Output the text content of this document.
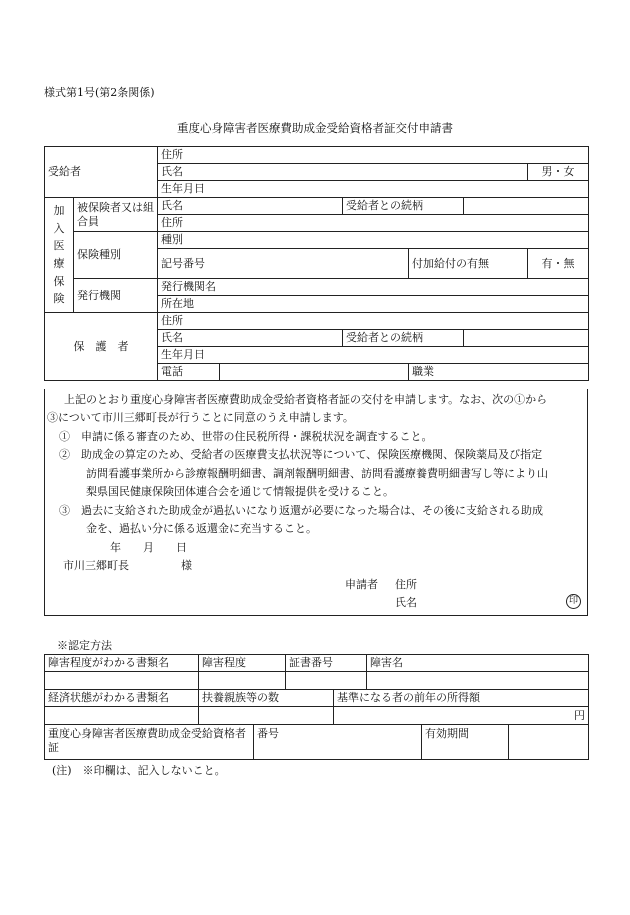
様式第1号(第2条関係)
重度心身障害者医療費助成金受給資格者証交付申請書
受給者		住所					
		氏名					男・女
		生年月日					
加入医療保険	被保険者又は組合員	氏名		受給者との続柄			
		住所					
	保険種別	種別					
		記号番号			付加給付の有無		有・無
	発行機関	発行機関名					
		所在地					
保　護　者		住所					
		氏名		受給者との続柄			
		生年月日					
		電話			職業		
上記のとおり重度心身障害者医療費助成金受給者資格者証の交付を申請します。なお、次の①から
③について市川三郷町長が行うことに同意のうえ申請します。
①　申請に係る審査のため、世帯の住民税所得・課税状況を調査すること。
②　助成金の算定のため、受給者の医療費支払状況等について、保険医療機関、保険薬局及び指定
訪問看護事業所から診療報酬明細書、調剤報酬明細書、訪問看護療養費明細書写し等により山
梨県国民健康保険団体連合会を通じて情報提供を受けること。
③　過去に支給された助成金が過払いになり返還が必要になった場合は、その後に支給される助成
金を、過払い分に係る返還金に充当すること。
年　　月　　日
市川三郷町長	様
申請者 住所
氏名	印
※認定方法
障害程度がわかる書類名	障害程度		証書番号		障害名		

経済状態がわかる書類名	扶養親族等の数			基準になる者の前年の所得額			
				円			
重度心身障害者医療費助成金受給資格者証		番号				有効期間	
(注)　※印欄は、記入しないこと。
